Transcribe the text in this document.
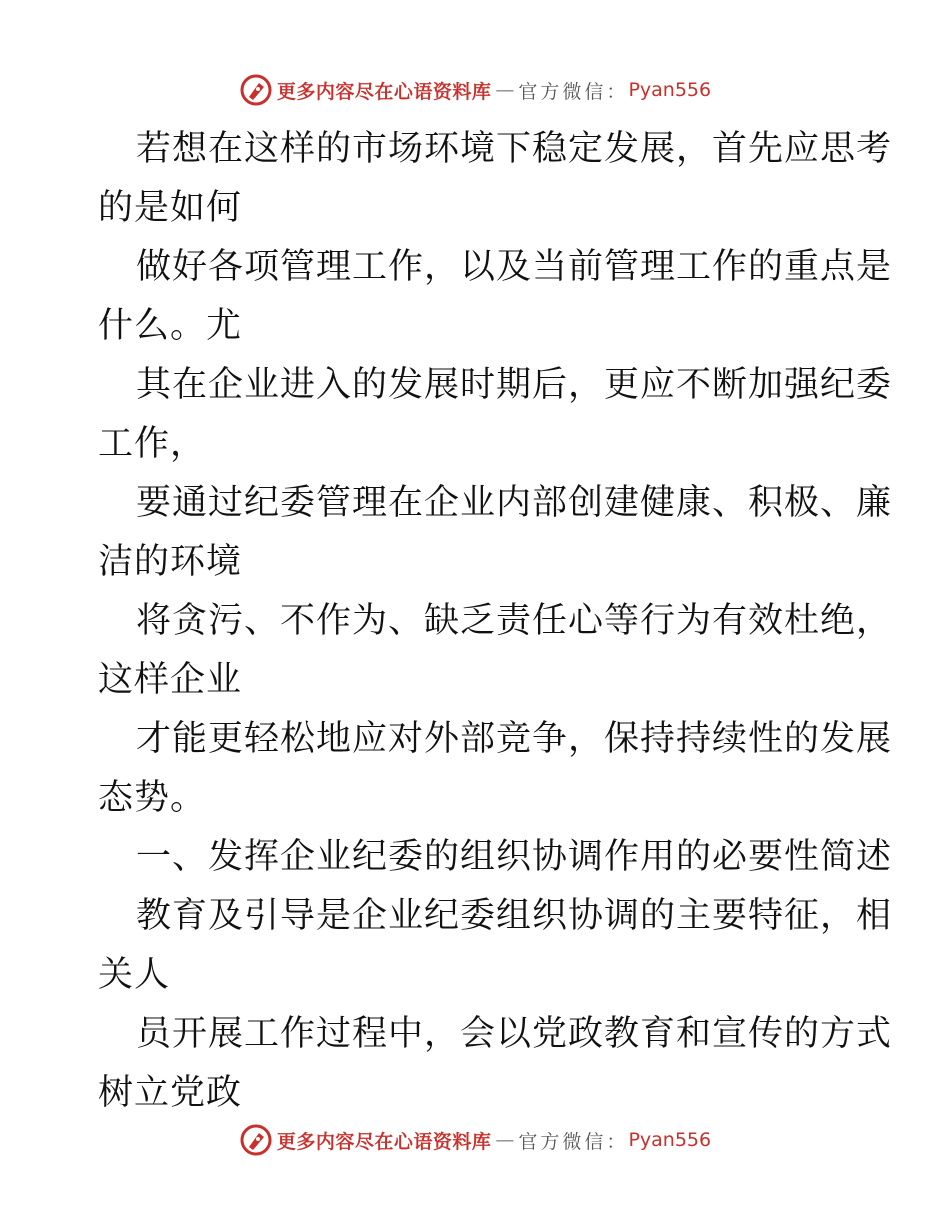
更多内容尽在心语资料库 — 官方微信： Pyan556
若想在这样的市场环境下稳定发展，首先应思考
的是如何
做好各项管理工作，以及当前管理工作的重点是
什么。尤
其在企业进入的发展时期后，更应不断加强纪委
工作，
要通过纪委管理在企业内部创建健康、积极、廉
洁的环境
将贪污、不作为、缺乏责任心等行为有效杜绝，
这样企业
才能更轻松地应对外部竞争，保持持续性的发展
态势。
一、发挥企业纪委的组织协调作用的必要性简述
教育及引导是企业纪委组织协调的主要特征，相
关人
员开展工作过程中，会以党政教育和宣传的方式
树立党政
更多内容尽在心语资料库 — 官方微信： Pyan556
